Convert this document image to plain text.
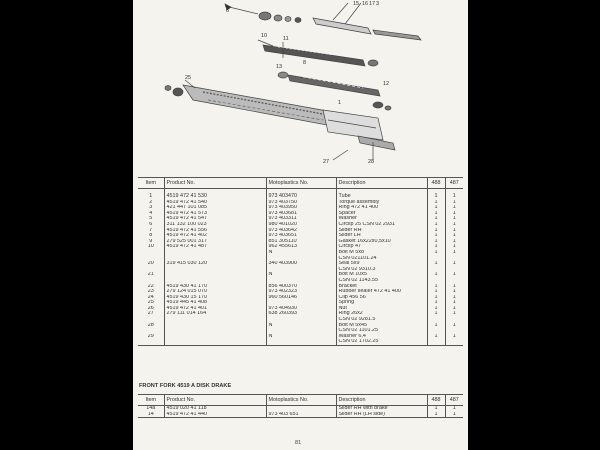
6
10
15
11
8
13
16 17
12
3
1
25
27	28
Item	Product No.	Motoplastics No.	Description	488	487
1	4519 472 41 530	973 403470	Tube	1	1
2	4519 472 41 540	973 403750	Torque assembly	1	1
3	421 447 101 085	973 403950	Ring 472 41 400	1	1
4	4519 472 41 573	973 403681	Spacer	1	1
5	4519 472 41 547	973 403311	Washer	1	1
6	311 132 100 023	980 401020	Circlip 25 CSN 02 2931	1	1
7	4519 472 41 556	973 403642	Slider RH	1	1
8	4519 472 41 402	973 403651	Slider LH	1	1
9	279 525 001 317	851 305110	Gasket 16x22x0,5x10	1	1
10	4519 472 41 487	962 455613	Circlip 47	1	1
		N	Bolt M 5x8	1	1
			CSN 021101.24		
20	319 415 030 120	340 403900	Seal 5x9	1	1
			CSN 02 9310.3		
21		N	Bolt M 10x5	1	1
			CSN 02 1143.55		
22	4519 430 41 170	856 400370	Bracket	1	1
23	279 124 015 070	973 402323	Rubber sealer 472 41 400	1	1
24	4519 430 15 170	960 560146	Clip 456 56	1	1
25	4519 445 41 408		Spring	1	1
26	4519 472 41 401	973 404930	Nut	1	1
27	279 111 014 164	638 260393	Ring 26x2	1	1
			CSN 02 9281.5		
28		N	Bolt M 5x45	1	1
			CSN 02 1101.25		
29		N	Washer 6,4	1	1
			CSN 02 1702.25		
FRONT FORK 4519 A DISK DRAKE
Item	Product No.	Motoplastics No.	Description	488	487
14a	4519 020 41 118		Slider RH with brake	1	1
14	4519 472 41 440	973 403 651	Slider RH (LH side)	1	1
81
